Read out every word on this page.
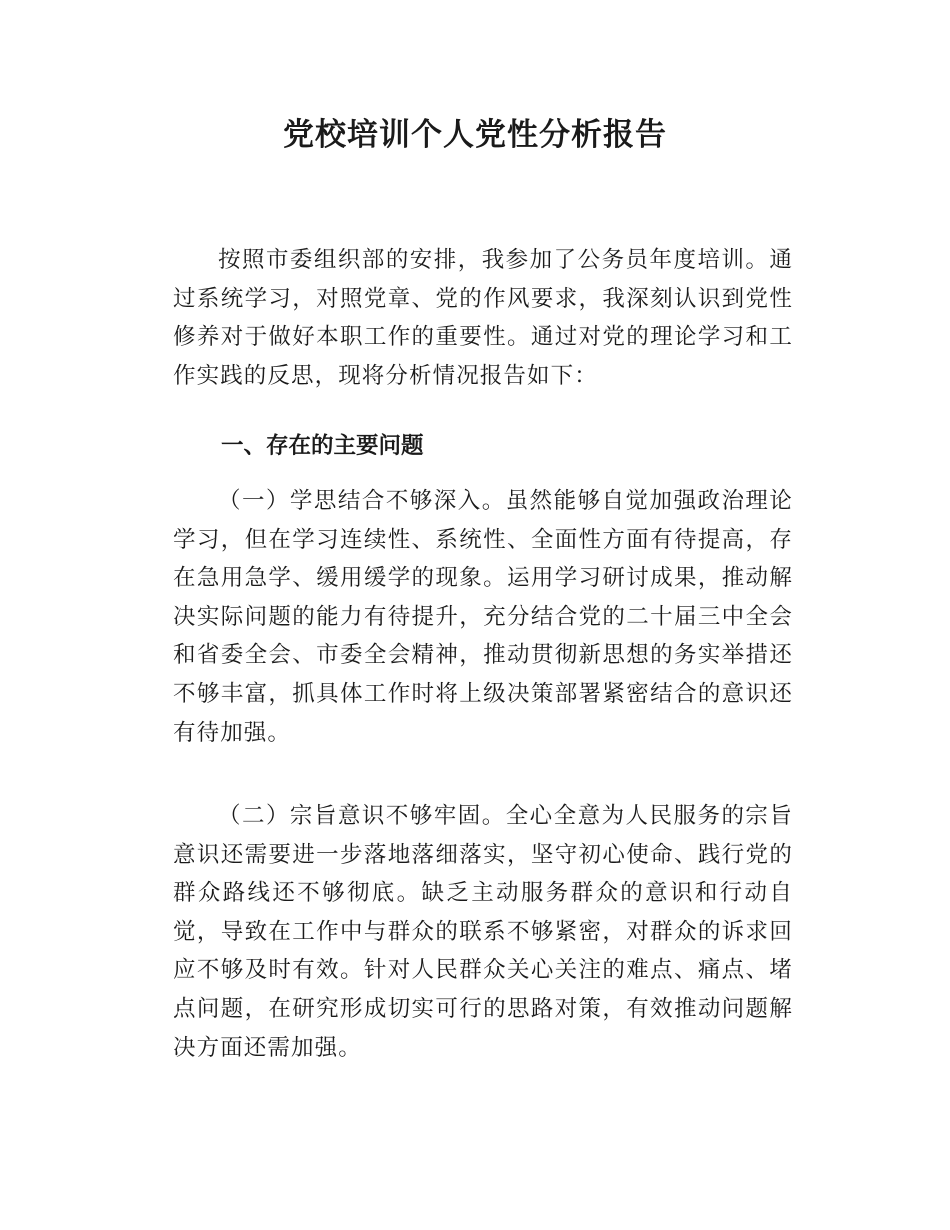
党校培训个人党性分析报告

按照市委组织部的安排，我参加了公务员年度培训。通过系统学习，对照党章、党的作风要求，我深刻认识到党性修养对于做好本职工作的重要性。通过对党的理论学习和工作实践的反思，现将分析情况报告如下：

一、存在的主要问题

（一）学思结合不够深入。虽然能够自觉加强政治理论学习，但在学习连续性、系统性、全面性方面有待提高，存在急用急学、缓用缓学的现象。运用学习研讨成果，推动解决实际问题的能力有待提升，充分结合党的二十届三中全会和省委全会、市委全会精神，推动贯彻新思想的务实举措还不够丰富，抓具体工作时将上级决策部署紧密结合的意识还有待加强。

（二）宗旨意识不够牢固。全心全意为人民服务的宗旨意识还需要进一步落地落细落实，坚守初心使命、践行党的群众路线还不够彻底。缺乏主动服务群众的意识和行动自觉，导致在工作中与群众的联系不够紧密，对群众的诉求回应不够及时有效。针对人民群众关心关注的难点、痛点、堵点问题，在研究形成切实可行的思路对策，有效推动问题解决方面还需加强。
